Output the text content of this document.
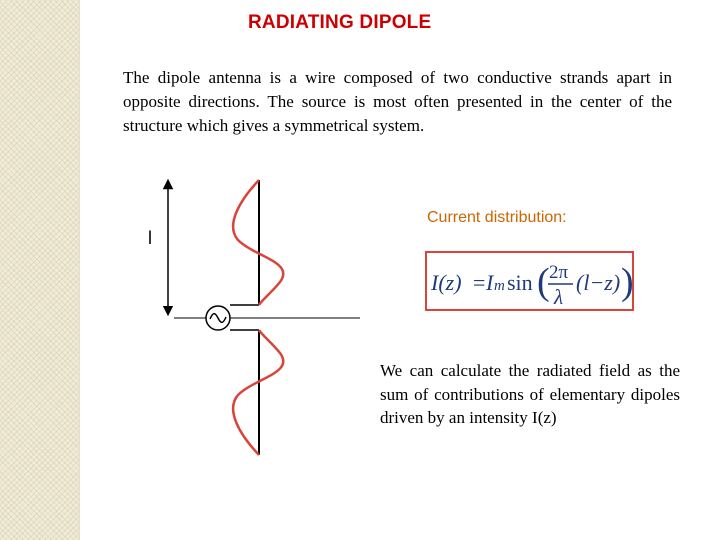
RADIATING DIPOLE
The dipole antenna is a wire composed of two conductive strands apart in opposite directions. The source is most often presented in the center of the structure which gives a symmetrical system.
l
Current distribution:
I(z) = I m sin ( 2π
λ
(l−z) )
We can calculate the radiated field as the sum of contributions of elementary dipoles driven by an intensity I(z)
